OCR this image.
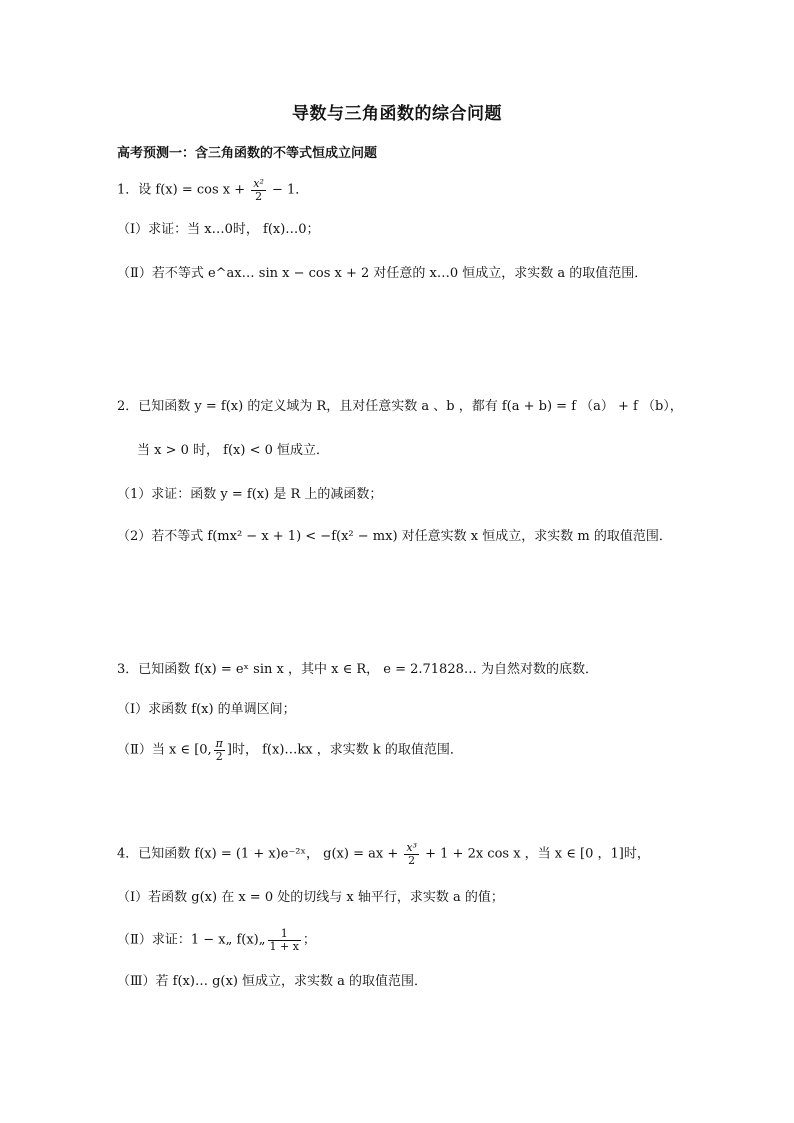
导数与三角函数的综合问题
高考预测一：含三角函数的不等式恒成立问题
1．设 $f(x) = \cos x + \frac{\text{x²}}{2} - 1$．
（Ⅰ）求证：当 x…0时， f(x)…0；
（Ⅱ）若不等式 e^ax… sin x − cos x + 2 对任意的 x…0 恒成立，求实数 a 的取值范围．
2．已知函数 y = f(x) 的定义域为 R，且对任意实数 a 、b ，都有 f(a + b) = f （a） + f （b），
当 x > 0 时， f(x) < 0 恒成立．
（1）求证：函数 y = f(x) 是 R 上的减函数；
（2）若不等式 f(mx² − x + 1) < −f(x² − mx) 对任意实数 x 恒成立，求实数 m 的取值范围．
3．已知函数 f(x) = eˣ sin x ，其中 x ∈ R， e = 2.71828… 为自然对数的底数．
（Ⅰ）求函数 f(x) 的单调区间；
（Ⅱ）当 x ∈ [0, $\frac{\pi}{2}$ ]时， f(x)…kx ，求实数 k 的取值范围．
4．已知函数 f(x) = (1 + x)e⁻²ˣ， g(x) = ax + $\frac{\text{x³}}{2} + 1 + 2x$ cos x ，当 x ∈ [0 ，1]时，
（Ⅰ）若函数 g(x) 在 x = 0 处的切线与 x 轴平行，求实数 a 的值；
（Ⅱ）求证：1 − x„ f(x)„ $\frac{1}{1 + x}$ ；
（Ⅲ）若 f(x)… g(x) 恒成立，求实数 a 的取值范围．
